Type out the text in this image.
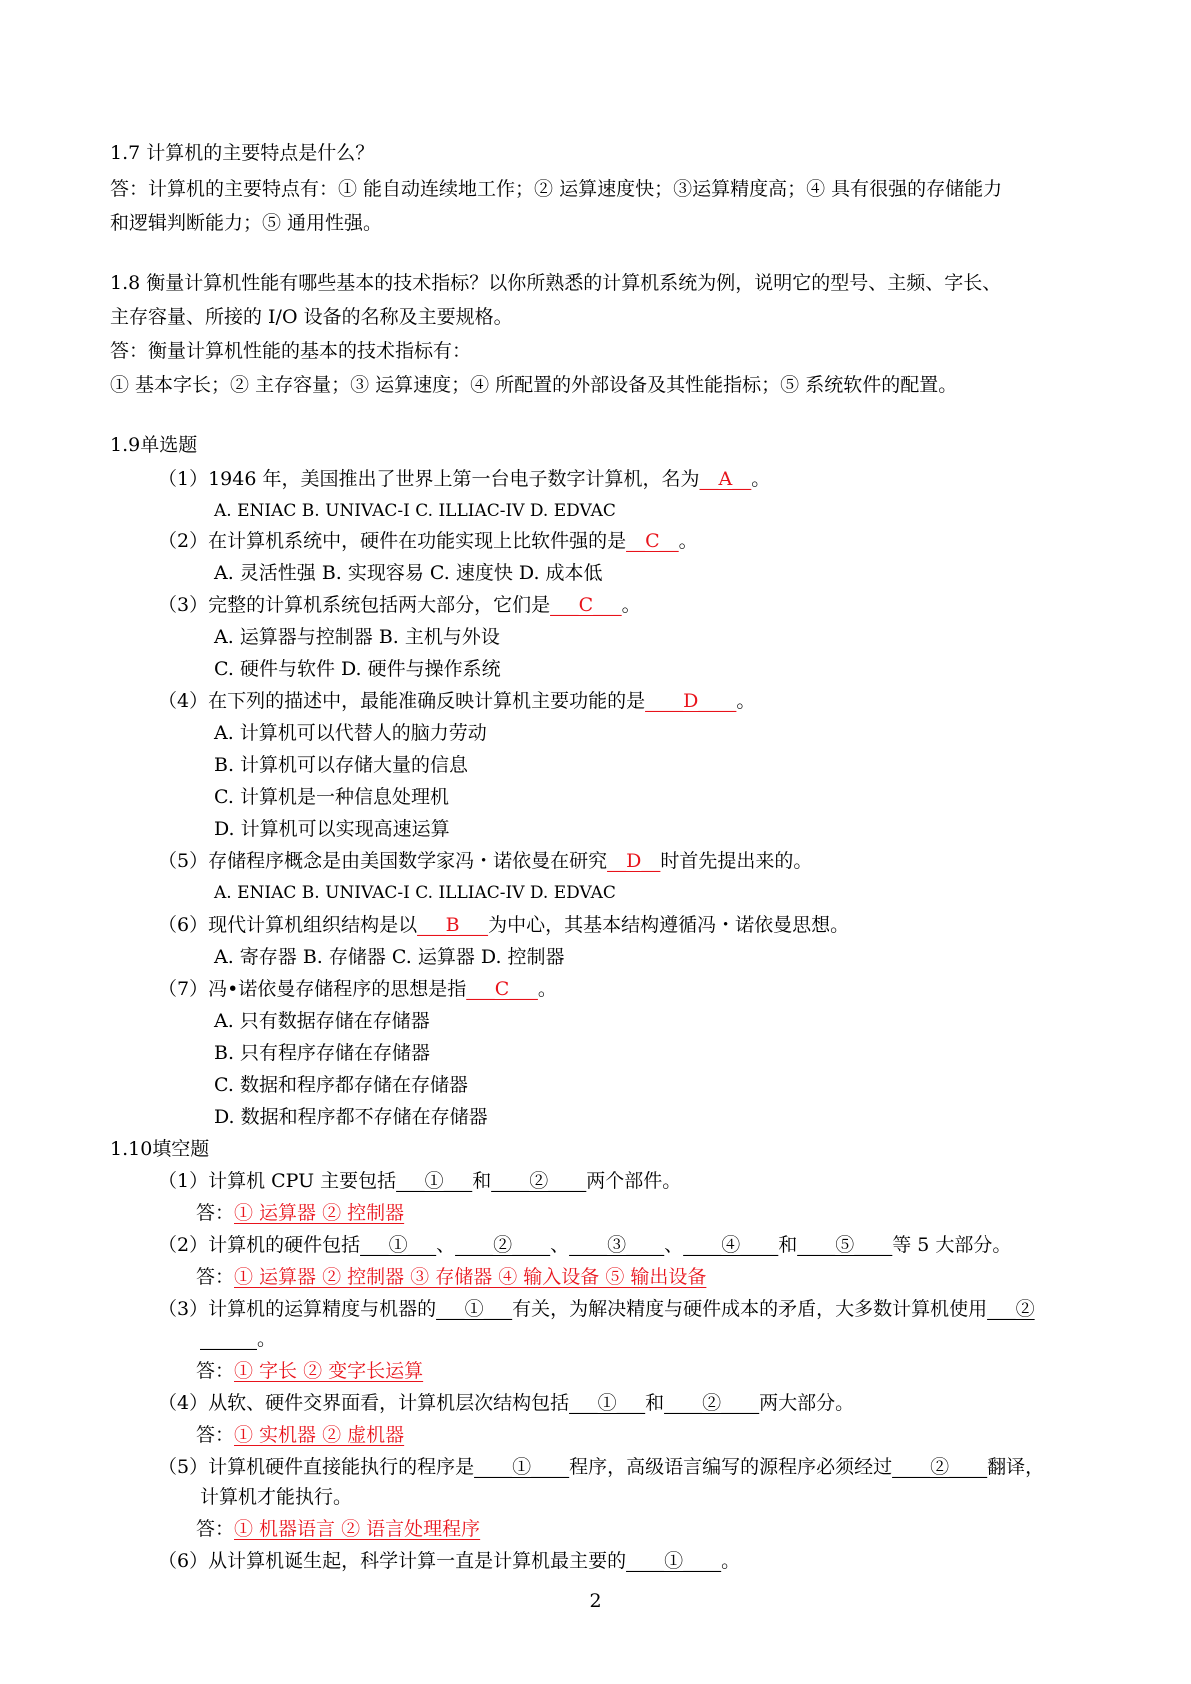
1.7 计算机的主要特点是什么？
答：计算机的主要特点有：① 能自动连续地工作；② 运算速度快；③运算精度高；④ 具有很强的存储能力
和逻辑判断能力；⑤ 通用性强。
1.8 衡量计算机性能有哪些基本的技术指标？以你所熟悉的计算机系统为例，说明它的型号、主频、字长、
主存容量、所接的 I/O 设备的名称及主要规格。
答：衡量计算机性能的基本的技术指标有：
① 基本字长；② 主存容量；③ 运算速度；④ 所配置的外部设备及其性能指标；⑤ 系统软件的配置。
1.9单选题
（1）1946 年，美国推出了世界上第一台电子数字计算机，名为__A__。
A. ENIAC B. UNIVAC-I C. ILLIAC-IV D. EDVAC
（2）在计算机系统中，硬件在功能实现上比软件强的是__C__。
A. 灵活性强 B. 实现容易 C. 速度快 D. 成本低
（3）完整的计算机系统包括两大部分，它们是___C___。
A. 运算器与控制器 B. 主机与外设
C. 硬件与软件 D. 硬件与操作系统
（4）在下列的描述中，最能准确反映计算机主要功能的是____D____。
A. 计算机可以代替人的脑力劳动
B. 计算机可以存储大量的信息
C. 计算机是一种信息处理机
D. 计算机可以实现高速运算
（5）存储程序概念是由美国数学家冯・诺依曼在研究__D__时首先提出来的。
A. ENIAC B. UNIVAC-I C. ILLIAC-IV D. EDVAC
（6）现代计算机组织结构是以___B___为中心，其基本结构遵循冯・诺依曼思想。
A. 寄存器 B. 存储器 C. 运算器 D. 控制器
（7）冯•诺依曼存储程序的思想是指___C___。
A. 只有数据存储在存储器
B. 只有程序存储在存储器
C. 数据和程序都存储在存储器
D. 数据和程序都不存储在存储器
1.10填空题
（1）计算机 CPU 主要包括___①___和____②____两个部件。
答：① 运算器 ② 控制器
（2）计算机的硬件包括___①___、____②____、____③____、____④____和____⑤____等 5 大部分。
答：① 运算器 ② 控制器 ③ 存储器 ④ 输入设备 ⑤ 输出设备
（3）计算机的运算精度与机器的___①___有关，为解决精度与硬件成本的矛盾，大多数计算机使用___②
______。
答：① 字长 ② 变字长运算
（4）从软、硬件交界面看，计算机层次结构包括___①___和____②____两大部分。
答：① 实机器 ② 虚机器
（5）计算机硬件直接能执行的程序是____①____程序，高级语言编写的源程序必须经过____②____翻译，
计算机才能执行。
答：① 机器语言 ② 语言处理程序
（6）从计算机诞生起，科学计算一直是计算机最主要的____①____。
2
